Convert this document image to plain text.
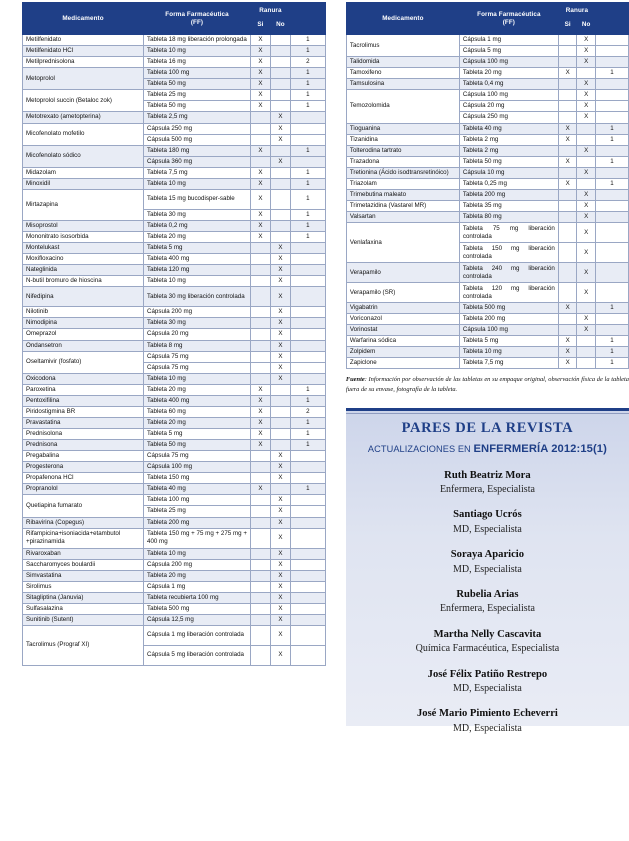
Medicamento	Forma Farmacéutica
(FF)	Ranura		
		Si	No	
Metilfenidato	Tableta 18 mg liberación prolongada	X		1
Metilfenidato HCl	Tableta 10 mg	X		1
Metilprednisolona	Tableta 16 mg	X		2
Metoprolol	Tableta 100 mg	X		1
	Tableta 50 mg	X		1
Metoprolol succin (Betaloc zok)	Tableta 25 mg	X		1
	Tableta 50 mg	X		1
Metotrexato (ametopterina)	Tableta 2,5 mg		X	
Micofenolato mofetilo	Cápsula 250 mg		X	
	Cápsula 500 mg		X	
Micofenolato sódico	Tableta 180 mg	X		1
	Cápsula 360 mg		X	
Midazolam	Tableta 7,5 mg	X		1
Minoxidil	Tableta 10 mg	X		1
Mirtazapina	Tableta 15 mg bucodisper-sable	X		1
	Tableta 30 mg	X		1
Misoprostol	Tableta 0,2 mg	X		1
Mononitrato isosorbida	Tableta 20 mg	X		1
Montelukast	Tableta 5 mg		X	
Moxifloxacino	Tableta 400 mg		X	
Nateglinida	Tableta 120 mg		X	
N-butil bromuro de hioscina	Tableta 10 mg		X	
Nifedipina	Tableta 30 mg liberación controlada		X	
Nilotinib	Cápsula 200 mg		X	
Nimodipina	Tableta 30 mg		X	
Omeprazol	Cápsula 20 mg		X	
Ondansetron	Tableta 8 mg		X	
Oseltamivir (fosfato)	Cápsula 75 mg		X	
	Cápsula 75 mg		X	
Oxicodona	Tableta 10 mg		X	
Paroxetina	Tableta 20 mg	X		1
Pentoxifilina	Tableta 400 mg	X		1
Piridostigmina BR	Tableta 60 mg	X		2
Pravastatina	Tableta 20 mg	X		1
Prednisolona	Tableta 5 mg	X		1
Prednisona	Tableta 50 mg	X		1
Pregabalina	Cápsula 75 mg		X	
Progesterona	Cápsula 100 mg		X	
Propafenona HCl	Tableta 150 mg		X	
Propranolol	Tableta 40 mg	X		1
Quetiapina fumarato	Tableta 100 mg		X	
	Tableta 25 mg		X	
Ribavirina (Copegus)	Tableta 200 mg		X	
Rifampicina+isoniacida+etambutol +pirazinamida	Tableta 150 mg + 75 mg + 275 mg + 400 mg		X	
Rivaroxaban	Tableta 10 mg		X	
Saccharomyces boulardii	Cápsula 200 mg		X	
Simvastatina	Tableta 20 mg		X	
Sirolimus	Cápsula 1 mg		X	
Sitagliptina (Januvia)	Tableta recubierta 100 mg		X	
Sulfasalazina	Tableta 500 mg		X	
Sunitinib (Sutent)	Cápsula 12,5 mg		X	
Tacrolimus (Prograf XI)	Cápsula 1 mg liberación controlada		X	
	Cápsula 5 mg liberación controlada		X	
Medicamento	Forma Farmacéutica
(FF)	Ranura		
		Si	No	
Tacrolimus	Cápsula 1 mg		X	
	Cápsula 5 mg		X	
Talidomida	Cápsula 100 mg		X	
Tamoxifeno	Tableta 20 mg	X		1
Tamsulosina	Tableta 0,4 mg		X	
Temozolomida	Cápsula 100 mg		X	
	Cápsula 20 mg		X	
	Cápsula 250 mg		X	
Tioguanina	Tableta 40 mg	X		1
Tizanidina	Tableta 2 mg	X		1
Tolterodina tartrato	Tableta 2 mg		X	
Trazadona	Tableta 50 mg	X		1
Tretionina (Ácido isodtransretinóico)	Cápsula 10 mg		X	
Triazolam	Tableta 0,25 mg	X		1
Trimebutina maleato	Tableta 200 mg		X	
Trimetazidina (Vastarel MR)	Tableta 35 mg		X	
Valsartan	Tableta 80 mg		X	
Venlafaxina	Tableta 75 mg liberación controlada		X	
	Tableta 150 mg liberación controlada		X	
Verapamilo	Tableta 240 mg liberación controlada		X	
Verapamilo (SR)	Tableta 120 mg liberación controlada		X	
Vigabatrin	Tableta 500 mg	X		1
Voriconazol	Tableta 200 mg		X	
Vorinostat	Cápsula 100 mg		X	
Warfarina sódica	Tableta 5 mg	X		1
Zolpidem	Tableta 10 mg	X		1
Zapiclone	Tableta 7,5 mg	X		1
Fuente: Información por observación de las tabletas en su empaque original, observación física de la tableta fuera de su envase, fotografía de la tableta.
PARES DE LA REVISTA
ACTUALIZACIONES EN ENFERMERÍA 2012:15(1)
Ruth Beatriz Mora
Enfermera, Especialista
Santiago Ucrós
MD, Especialista
Soraya Aparicio
MD, Especialista
Rubelia Arias
Enfermera, Especialista
Martha Nelly Cascavita
Química Farmacéutica, Especialista
José Félix Patiño Restrepo
MD, Especialista
José Mario Pimiento Echeverri
MD, Especialista
